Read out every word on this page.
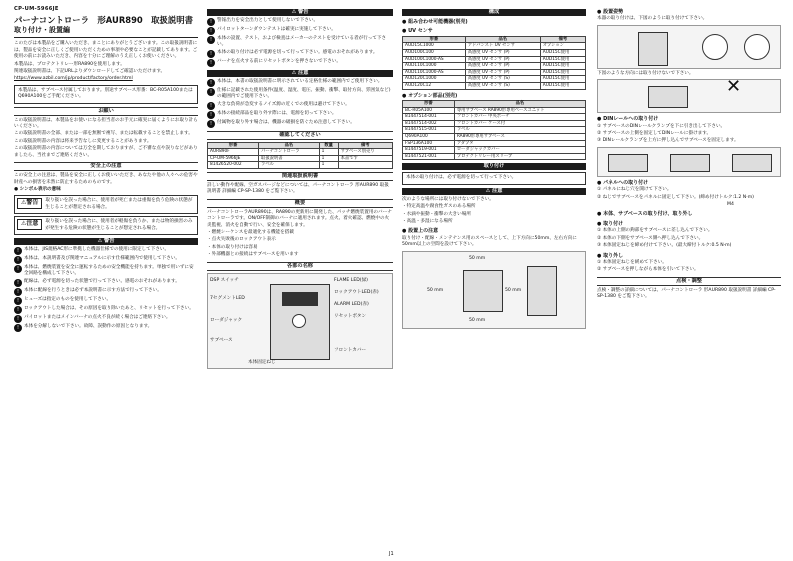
CP-UM-5966JE
パーナコントローラ　形AUR890　取扱説明書
取り付け・設置編

このたびは本製品をご購入いただき、まことにありがとうございます。この取扱説明書には、製品を安全に正しくご使用いただくための事項や必要なことが記載してあります。ご使用の前にお読みいただき、内容を十分にご理解のうえ正しくお使いください。

本製品は、プロテクトリレー形RA890を使用します。

関連取扱説明書は、下記URLよりダウンロードしてご確認いただけます。

https://www.azbil.com/jp/product/factory/order.html

本製品は、サブベース付属しております。別途サブベース形番：BC-R05A100またはQ690A100をご手配ください。
お願い

この取扱説明書は、本製品をお使いになる担当者のお手元に確実に届くようにお取り計らいください。

この取扱説明書の全部、または一部を無断で複写、または転載することを禁止します。

この取扱説明書の内容は将来予告なしに変更することがあります。

この取扱説明書の内容については万全を期しておりますが、ご不審な点や誤りなどがありましたら、当社までご連絡ください。

安全上の注意

この安全上の注意は、製品を安全に正しくお使いいただき、あなたや他の人々への危害や財産への損害を未然に防止するためのものです。

● シンボル表示の意味

⚠警告	取り扱いを誤った場合に、使用者が死亡または重傷を負う危険の状態が生じることが想定される場合。
⚠注意	取り扱いを誤った場合に、使用者が軽傷を負うか、または物的損害のみが発生する危険の状態が生じることが想定される場合。
⚠ 警告
!	本体は、JIS規格AC形に準拠した機器仕様での使用に限定して下さい。
!	本体は、本説明書及び関連マニュアルに示す仕様範囲内で使用して下さい。
!	本体は、燃焼装置を安全に運転するための安全機能を持ちます。単独で用いずに安全回路を構成して下さい。
!	配線は、必ず電源を切った状態で行って下さい。感電のおそれがあります。
!	本体に配線を行うときは必ず本説明書に示す方法で行って下さい。
!	ヒューズは指定のものを使用して下さい。
!	ロックアウトした場合は、その原因を取り除いたあと、リセットを行って下さい。
!	パイロットまたはメインバーナの点火不良が続く場合はご連絡下さい。
!	本体を分解しないで下さい。故障、誤動作の原因となります。
⚠ 警告
!	警報出力を安全出力として使用しないで下さい。
!	パイロットターンダウンテストは確実に実施して下さい。
!	本体の設置、テスト、および検査はメーカーのテストを受けている者が行って下さい。
!	本体の取り付けは必ず電源を切って行って下さい。感電のおそれがあります。
!	バーナを点火する前にリセットボタンを押さないで下さい。
⚠ 注意
!	本体は、本書の取扱説明書に明示されている定格仕様の範囲内でご使用下さい。
!	仕様に記載された使用条件(温度、湿度、電圧、振動、衝撃、取付方向、雰囲気など)の範囲内でご使用下さい。
!	大きな負荷が急変するノイズ源の近くでの使用は避けて下さい。
!	本体の接続部品を取り外す際には、電源を切って下さい。
!	付属物を取り外す場合は、機器の破損を防ぐため注意して下さい。
確認してください
形番	品名	数量	備考
AUR890F	パーナコントローラ	1	サブベース別売り
CP-UM-5966JE	取扱説明書	1	本書です
81426520-002	ラベル	1	
関連取扱説明書

詳しい動作や配線、空ガスパージなどについては、パーナコントローラ 形AUR890 取扱説明書 詳細編 CP-SP-1380 をご覧下さい。

概要

パーナコントローラAUR890は、RA890の更新用に開発した、パッチ燃焼装置用のバーナコントローラです。ON/OFF制御のバーナに適用されます。点火、着火確認、燃焼中の火炎監視、消火を自動で行い、安全を確保します。

・燃焼シーケンスを最適化する機能を搭載

・点火失敗後のロックアウト表示

・本体の取り付けは容易

・外部機器との接続はサブベースを用います

各部の名称
DSP スイッチ	FLAME LED(緑)
ロックアウトLED(赤)
ALARM LED(赤)
リセットボタン
7セグメントLED
ローダジャック
サブベース
本体固定ねじ
フロントカバー
構成

● 組み合わせ可能機器(別売)

● UV センサ

形番	品名	備考
AUD15C1000	アドバンスト UV センサ	オプション
AUD100C100	高感度 UV センサ (P)	AUD15C使用
AUD100C1000-AS	高感度 UV センサ (P)	AUD15C使用
AUD110C1000	高感度 UV センサ (P)	AUD15C使用
AUD110C1000-AS	高感度 UV センサ (P)	AUD15C使用
AUD120C1000	高感度 UV センサ (S)	AUD15C使用
AUD120C12	高感度 UV センサ (S)	AUD15C使用

● オプション部品(別売)

形番	品名
BC-R05A100	専用サブベース RA890形専用ベースユニット
81447514-001	フロントカバー 中央ポーチ
81447514-002	フロントカバー ケース付
81447515-001	ラベル
Q690A100	RA890形専用サブベース
FSP136A100	アダプタ
81447519-001	ローダジャックカバー
81447521-001	プロテクトリレー用スリーブ
取り付け
本体の取り付けは、必ず電源を切って行って下さい。
⚠ 注意

次のような場所には取り付けないで下さい。

・特定高温や腐食性ガスのある場所

・水滴や振動・衝撃の大きい場所

・高温・多湿になる場所

● 設置上の注意

取り付け・配線・メンテナンス用のスペースとして、上下方向に50mm、左右方向に50mm以上の空間を設けて下さい。

50 mm
50 mm
50 mm	50 mm

● 設置姿勢

本器の取り付けは、下図のように取り付けて下さい。

下図のような方向には取り付けないで下さい。

✕

● DINレールへの取り付け

① サブベースのDINレールクランプを下に引き出して下さい。

② サブベースの上側を固定してDINレールに掛けます。

③ DINレールクランプを上方に押し込んでサブベースを固定します。

● パネルへの取り付け

① パネルにねじ穴を開けて下さい。

② ねじでサブベースをパネルに固定して下さい。(締め付けトルク:1.2 N·m)

M4

● 本体、サブベースの取り付け、取り外し

● 取り付け

① 本体の上側の鉤部をサブベースに差し込んで下さい。

② 本体の下側をサブベース側へ押し込んで下さい。

③ 本体固定ねじを締め付けて下さい。(最大締付トルク:0.5 N·m)

● 取り外し

① 本体固定ねじを緩めて下さい。

② サブベースを押しながら本体を引いて下さい。

点検・調整

点検・調整の詳細については、パーナコントローラ 形AUR890 取扱説明書 詳細編 CP-SP-1380 をご覧下さい。

J1
